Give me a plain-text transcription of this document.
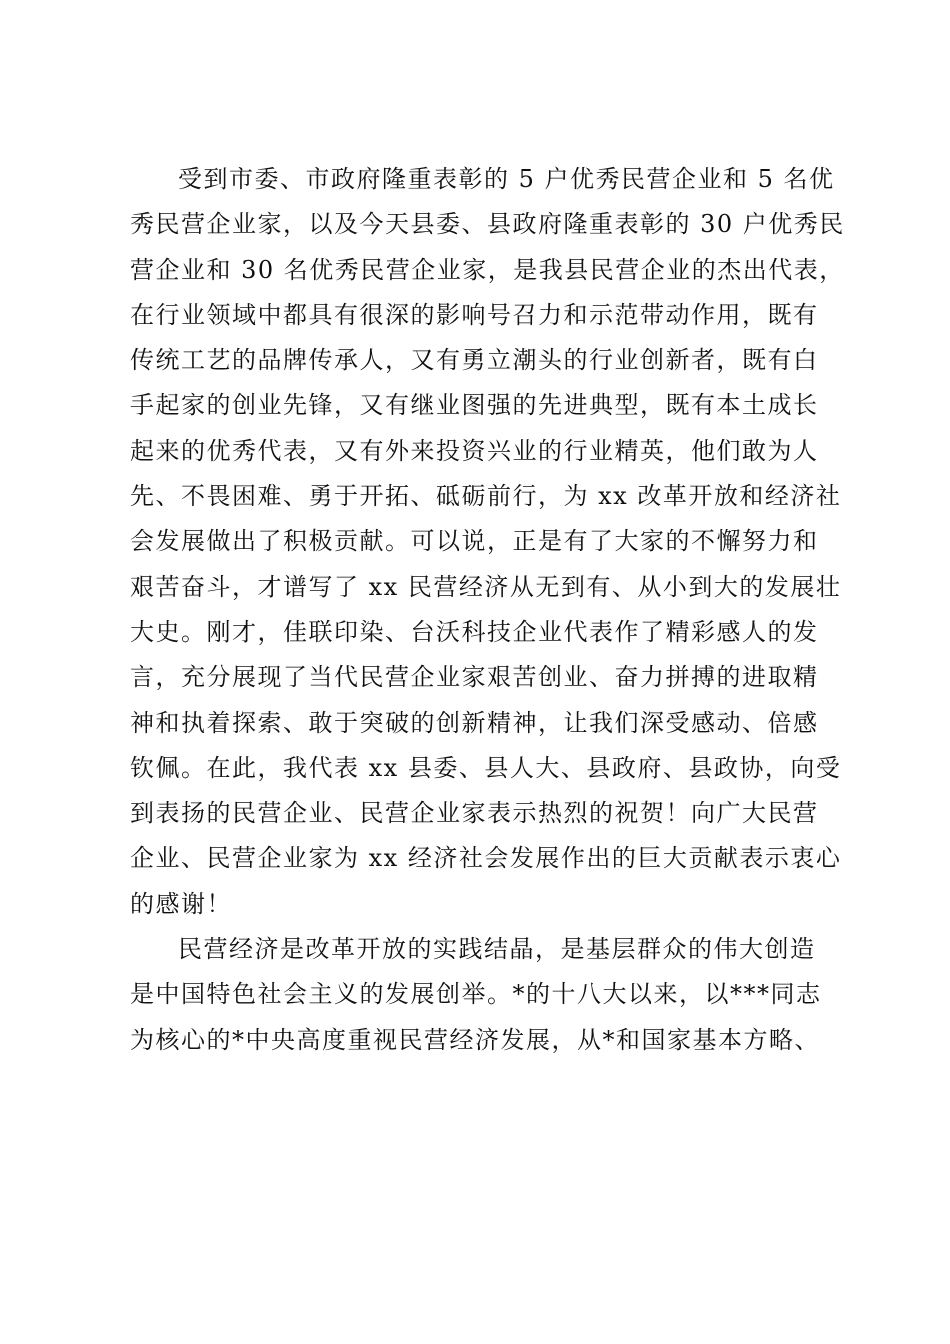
受到市委、市政府隆重表彰的 5 户优秀民营企业和 5 名优
秀民营企业家，以及今天县委、县政府隆重表彰的 30 户优秀民
营企业和 30 名优秀民营企业家，是我县民营企业的杰出代表，
在行业领域中都具有很深的影响号召力和示范带动作用，既有
传统工艺的品牌传承人，又有勇立潮头的行业创新者，既有白
手起家的创业先锋，又有继业图强的先进典型，既有本土成长
起来的优秀代表，又有外来投资兴业的行业精英，他们敢为人
先、不畏困难、勇于开拓、砥砺前行，为 xx 改革开放和经济社
会发展做出了积极贡献。可以说，正是有了大家的不懈努力和
艰苦奋斗，才谱写了 xx 民营经济从无到有、从小到大的发展壮
大史。刚才，佳联印染、台沃科技企业代表作了精彩感人的发
言，充分展现了当代民营企业家艰苦创业、奋力拼搏的进取精
神和执着探索、敢于突破的创新精神，让我们深受感动、倍感
钦佩。在此，我代表 xx 县委、县人大、县政府、县政协，向受
到表扬的民营企业、民营企业家表示热烈的祝贺！向广大民营
企业、民营企业家为 xx 经济社会发展作出的巨大贡献表示衷心
的感谢！
民营经济是改革开放的实践结晶，是基层群众的伟大创造
是中国特色社会主义的发展创举。*的十八大以来，以***同志
为核心的*中央高度重视民营经济发展，从*和国家基本方略、
